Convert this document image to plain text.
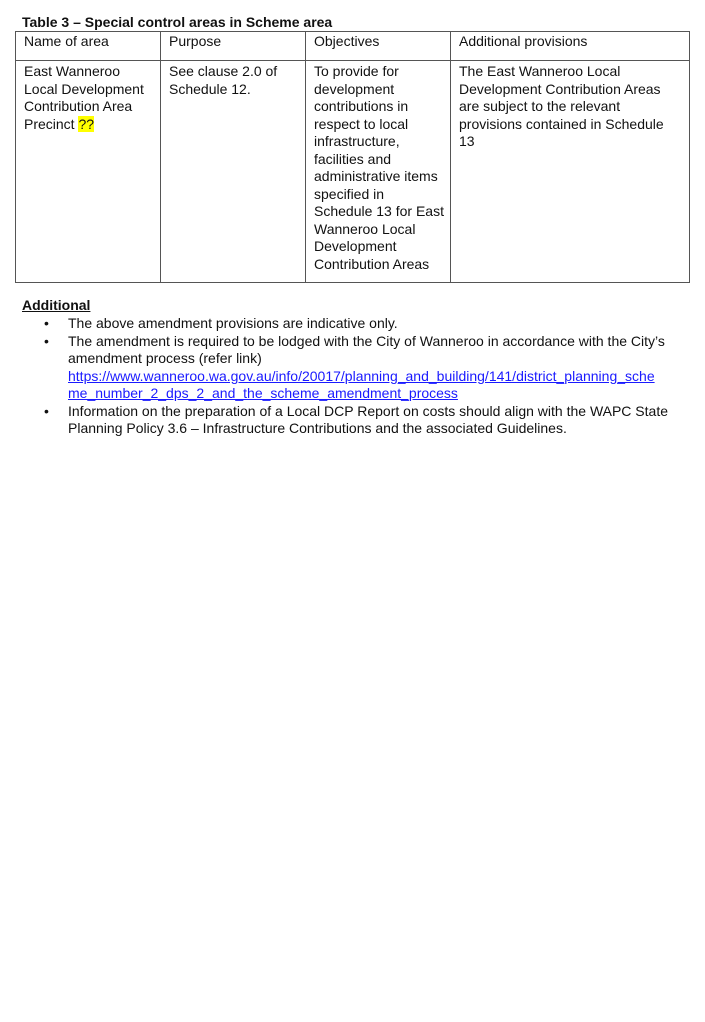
Table 3 – Special control areas in Scheme area
Name of area	Purpose	Objectives	Additional provisions
East Wanneroo Local Development Contribution Area Precinct ??	See clause 2.0 of Schedule 12.	To provide for development contributions in respect to local infrastructure, facilities and administrative items specified in Schedule 13 for East Wanneroo Local Development Contribution Areas	The East Wanneroo Local Development Contribution Areas are subject to the relevant provisions contained in Schedule 13
Additional
• The above amendment provisions are indicative only.
• The amendment is required to be lodged with the City of Wanneroo in accordance with the City’s amendment process (refer link)
https://www.wanneroo.wa.gov.au/info/20017/planning_and_building/141/district_planning_scheme_number_2_dps_2_and_the_scheme_amendment_process
• Information on the preparation of a Local DCP Report on costs should align with the WAPC State Planning Policy 3.6 – Infrastructure Contributions and the associated Guidelines.
